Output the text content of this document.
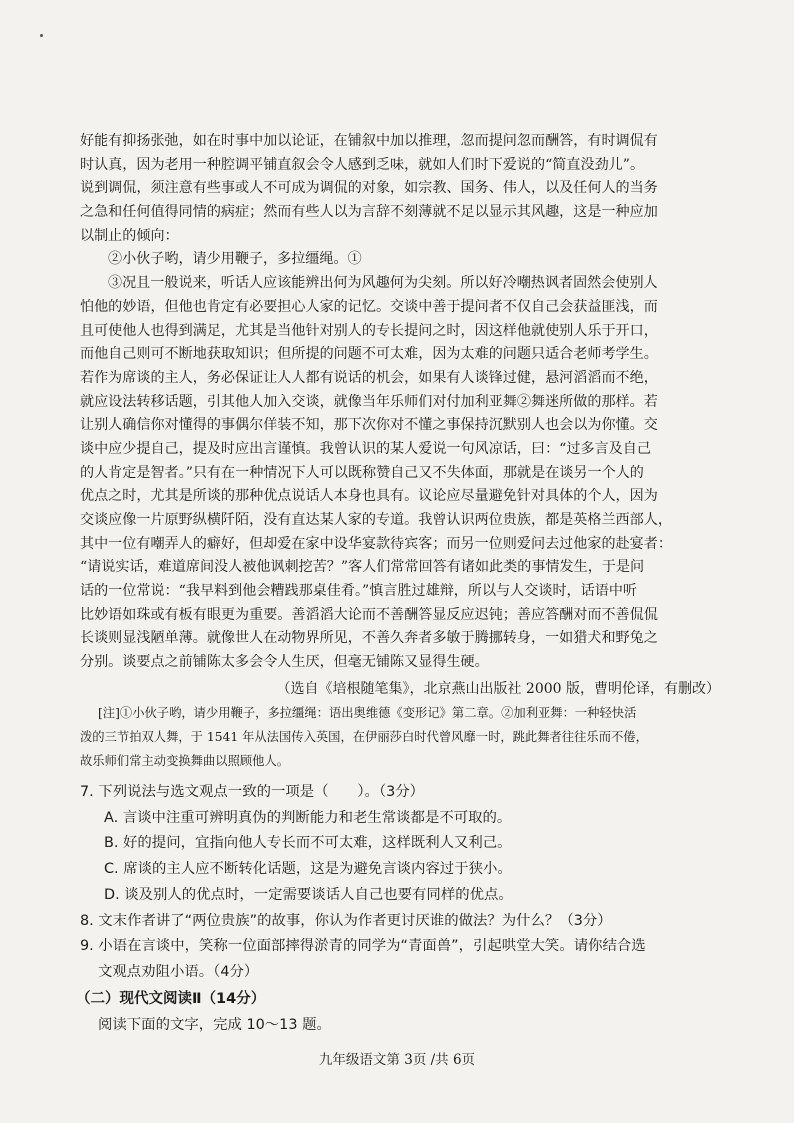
好能有抑扬张弛，如在时事中加以论证，在铺叙中加以推理，忽而提问忽而酬答，有时调侃有
时认真，因为老用一种腔调平铺直叙会令人感到乏味，就如人们时下爱说的“简直没劲儿”。
说到调侃，须注意有些事或人不可成为调侃的对象，如宗教、国务、伟人，以及任何人的当务
之急和任何值得同情的病症；然而有些人以为言辞不刻薄就不足以显示其风趣，这是一种应加
以制止的倾向：
②小伙子哟，请少用鞭子，多拉缰绳。①
③况且一般说来，听话人应该能辨出何为风趣何为尖刻。所以好冷嘲热讽者固然会使别人
怕他的妙语，但他也肯定有必要担心人家的记忆。交谈中善于提问者不仅自己会获益匪浅，而
且可使他人也得到满足，尤其是当他针对别人的专长提问之时，因这样他就使别人乐于开口，
而他自己则可不断地获取知识；但所提的问题不可太难，因为太难的问题只适合老师考学生。
若作为席谈的主人，务必保证让人人都有说话的机会，如果有人谈锋过健，悬河滔滔而不绝，
就应设法转移话题，引其他人加入交谈，就像当年乐师们对付加利亚舞②舞迷所做的那样。若
让别人确信你对懂得的事偶尔佯装不知，那下次你对不懂之事保持沉默别人也会以为你懂。交
谈中应少提自己，提及时应出言谨慎。我曾认识的某人爱说一句风凉话，曰：“过多言及自己
的人肯定是智者。”只有在一种情况下人可以既称赞自己又不失体面，那就是在谈另一个人的
优点之时，尤其是所谈的那种优点说话人本身也具有。议论应尽量避免针对具体的个人，因为
交谈应像一片原野纵横阡陌，没有直达某人家的专道。我曾认识两位贵族，都是英格兰西部人，
其中一位有嘲弄人的癖好，但却爱在家中设华宴款待宾客；而另一位则爱问去过他家的赴宴者：
“请说实话，难道席间没人被他讽刺挖苦？”客人们常常回答有诸如此类的事情发生，于是问
话的一位常说：“我早料到他会糟践那桌佳肴。”慎言胜过雄辩，所以与人交谈时，话语中听
比妙语如珠或有板有眼更为重要。善滔滔大论而不善酬答显反应迟钝；善应答酬对而不善侃侃
长谈则显浅陋单薄。就像世人在动物界所见，不善久奔者多敏于腾挪转身，一如猎犬和野兔之
分别。谈要点之前铺陈太多会令人生厌，但毫无铺陈又显得生硬。
（选自《培根随笔集》，北京燕山出版社 2000 版，曹明伦译，有删改）
[注]①小伙子哟，请少用鞭子，多拉缰绳：语出奥维德《变形记》第二章。②加利亚舞：一种轻快活
泼的三节拍双人舞，于 1541 年从法国传入英国，在伊丽莎白时代曾风靡一时，跳此舞者往往乐而不倦，
故乐师们常主动变换舞曲以照顾他人。
7. 下列说法与选文观点一致的一项是（　　）。（3分）
A. 言谈中注重可辨明真伪的判断能力和老生常谈都是不可取的。
B. 好的提问，宜指向他人专长而不可太难，这样既利人又利己。
C. 席谈的主人应不断转化话题，这是为避免言谈内容过于狭小。
D. 谈及别人的优点时，一定需要谈话人自己也要有同样的优点。
8. 文末作者讲了“两位贵族”的故事，你认为作者更讨厌谁的做法？为什么？（3分）
9. 小语在言谈中，笑称一位面部摔得淤青的同学为“青面兽”，引起哄堂大笑。请你结合选
文观点劝阻小语。（4分）
（二）现代文阅读Ⅱ（14分）
阅读下面的文字，完成 10～13 题。
九年级语文第 3页 /共 6页
